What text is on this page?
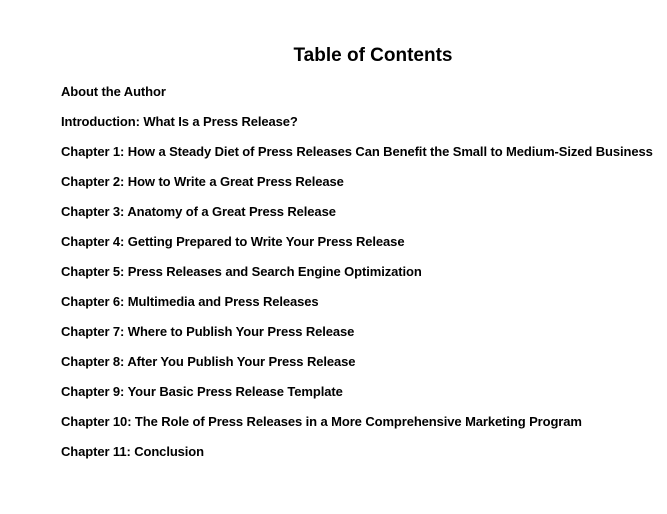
Table of Contents
About the Author
Introduction: What Is a Press Release?
Chapter 1: How a Steady Diet of Press Releases Can Benefit the Small to Medium-Sized Business
Chapter 2: How to Write a Great Press Release
Chapter 3: Anatomy of a Great Press Release
Chapter 4: Getting Prepared to Write Your Press Release
Chapter 5: Press Releases and Search Engine Optimization
Chapter 6: Multimedia and Press Releases
Chapter 7: Where to Publish Your Press Release
Chapter 8: After You Publish Your Press Release
Chapter 9: Your Basic Press Release Template
Chapter 10: The Role of Press Releases in a More Comprehensive Marketing Program
Chapter 11: Conclusion
